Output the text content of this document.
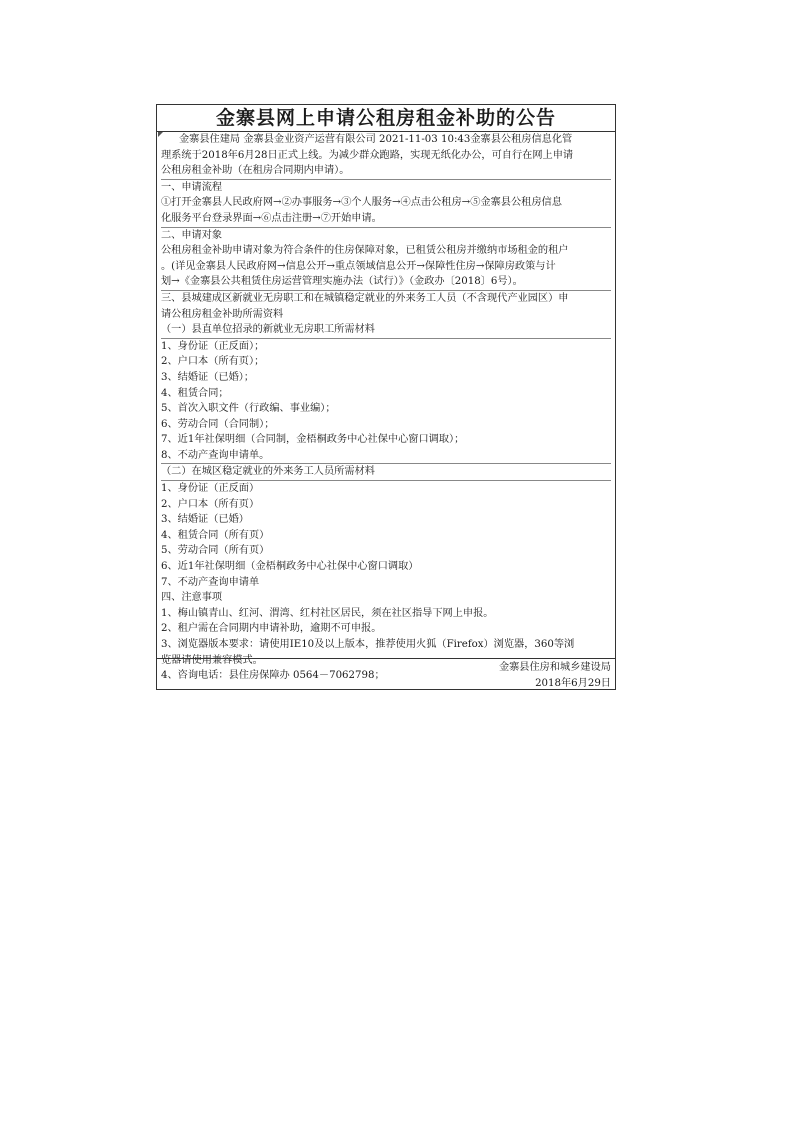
金寨县网上申请公租房租金补助的公告

金寨县住建局 金寨县金业资产运营有限公司 2021-11-03 10:43金寨县公租房信息化管

理系统于2018年6月28日正式上线。为减少群众跑路，实现无纸化办公，可自行在网上申请

公租房租金补助（在租房合同期内申请）。

一、申请流程

①打开金寨县人民政府网→②办事服务→③个人服务→④点击公租房→⑤金寨县公租房信息

化服务平台登录界面→⑥点击注册→⑦开始申请。

二、申请对象

公租房租金补助申请对象为符合条件的住房保障对象，已租赁公租房并缴纳市场租金的租户

。(详见金寨县人民政府网→信息公开→重点领域信息公开→保障性住房→保障房政策与计

划→《金寨县公共租赁住房运营管理实施办法（试行）》（金政办〔2018〕6号）。

三、县城建成区新就业无房职工和在城镇稳定就业的外来务工人员（不含现代产业园区）申

请公租房租金补助所需资料

（一）县直单位招录的新就业无房职工所需材料

1、身份证（正反面）；

2、户口本（所有页）；

3、结婚证（已婚）；

4、租赁合同；

5、首次入职文件（行政编、事业编）；

6、劳动合同（合同制）；

7、近1年社保明细（合同制，金梧桐政务中心社保中心窗口调取）；

8、不动产查询申请单。

（二）在城区稳定就业的外来务工人员所需材料

1、身份证（正反面）

2、户口本（所有页）

3、结婚证（已婚）

4、租赁合同（所有页）

5、劳动合同（所有页）

6、近1年社保明细（金梧桐政务中心社保中心窗口调取）

7、不动产查询申请单

四、注意事项

1、梅山镇青山、红河、渭湾、红村社区居民，须在社区指导下网上申报。

2、租户需在合同期内申请补助，逾期不可申报。

3、浏览器版本要求：请使用IE10及以上版本，推荐使用火狐（Firefox）浏览器，360等浏

览器请使用兼容模式。

4、咨询电话：县住房保障办 0564－7062798；

金寨县住房和城乡建设局
2018年6月29日
